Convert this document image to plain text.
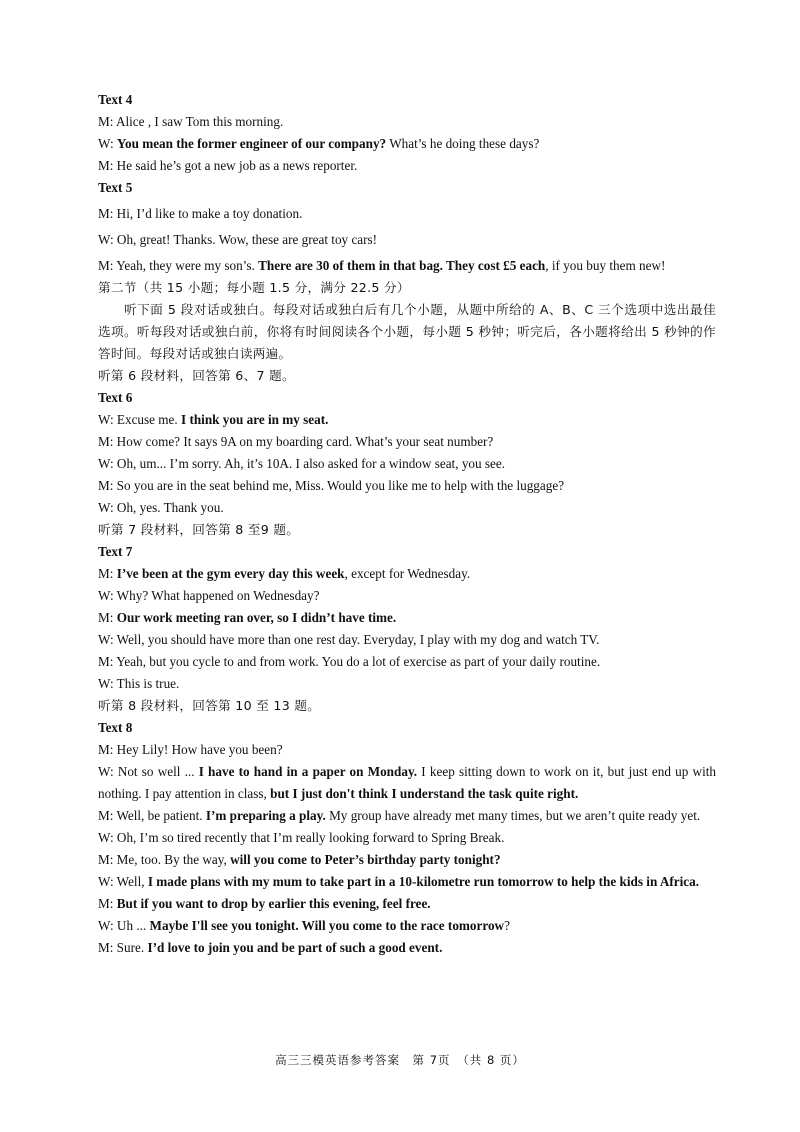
Text 4
M: Alice , I saw Tom this morning.
W: You mean the former engineer of our company? What’s he doing these days?
M: He said he’s got a new job as a news reporter.
Text 5
M: Hi, I’d like to make a toy donation.
W: Oh, great! Thanks. Wow, these are great toy cars!
M: Yeah, they were my son’s. There are 30 of them in that bag. They cost £5 each, if you buy them new!
第二节（共 15 小题；每小题 1.5 分，满分 22.5 分）
听下面 5 段对话或独白。每段对话或独白后有几个小题，从题中所给的 A、B、C 三个选项中选出最佳选项。听每段对话或独白前，你将有时间阅读各个小题，每小题 5 秒钟；听完后，各小题将给出 5 秒钟的作答时间。每段对话或独白读两遍。
听第 6 段材料，回答第 6、7 题。
Text 6
W: Excuse me. I think you are in my seat.
M: How come? It says 9A on my boarding card. What’s your seat number?
W: Oh, um... I’m sorry. Ah, it’s 10A. I also asked for a window seat, you see.
M: So you are in the seat behind me, Miss. Would you like me to help with the luggage?
W: Oh, yes. Thank you.
听第 7 段材料，回答第 8 至9 题。
Text 7
M: I’ve been at the gym every day this week, except for Wednesday.
W: Why? What happened on Wednesday?
M: Our work meeting ran over, so I didn’t have time.
W: Well, you should have more than one rest day. Everyday, I play with my dog and watch TV.
M: Yeah, but you cycle to and from work. You do a lot of exercise as part of your daily routine.
W: This is true.
听第 8 段材料，回答第 10 至 13 题。
Text 8
M: Hey Lily! How have you been?
W: Not so well ... I have to hand in a paper on Monday. I keep sitting down to work on it, but just end up with nothing. I pay attention in class, but I just don't think I understand the task quite right.
M: Well, be patient. I’m preparing a play. My group have already met many times, but we aren’t quite ready yet.
W: Oh, I’m so tired recently that I’m really looking forward to Spring Break.
M: Me, too. By the way, will you come to Peter’s birthday party tonight?
W: Well, I made plans with my mum to take part in a 10-kilometre run tomorrow to help the kids in Africa.
M: But if you want to drop by earlier this evening, feel free.
W: Uh ... Maybe I'll see you tonight. Will you come to the race tomorrow?
M: Sure. I’d love to join you and be part of such a good event.
高三三模英语参考答案　第 7页　（共 8 页）
